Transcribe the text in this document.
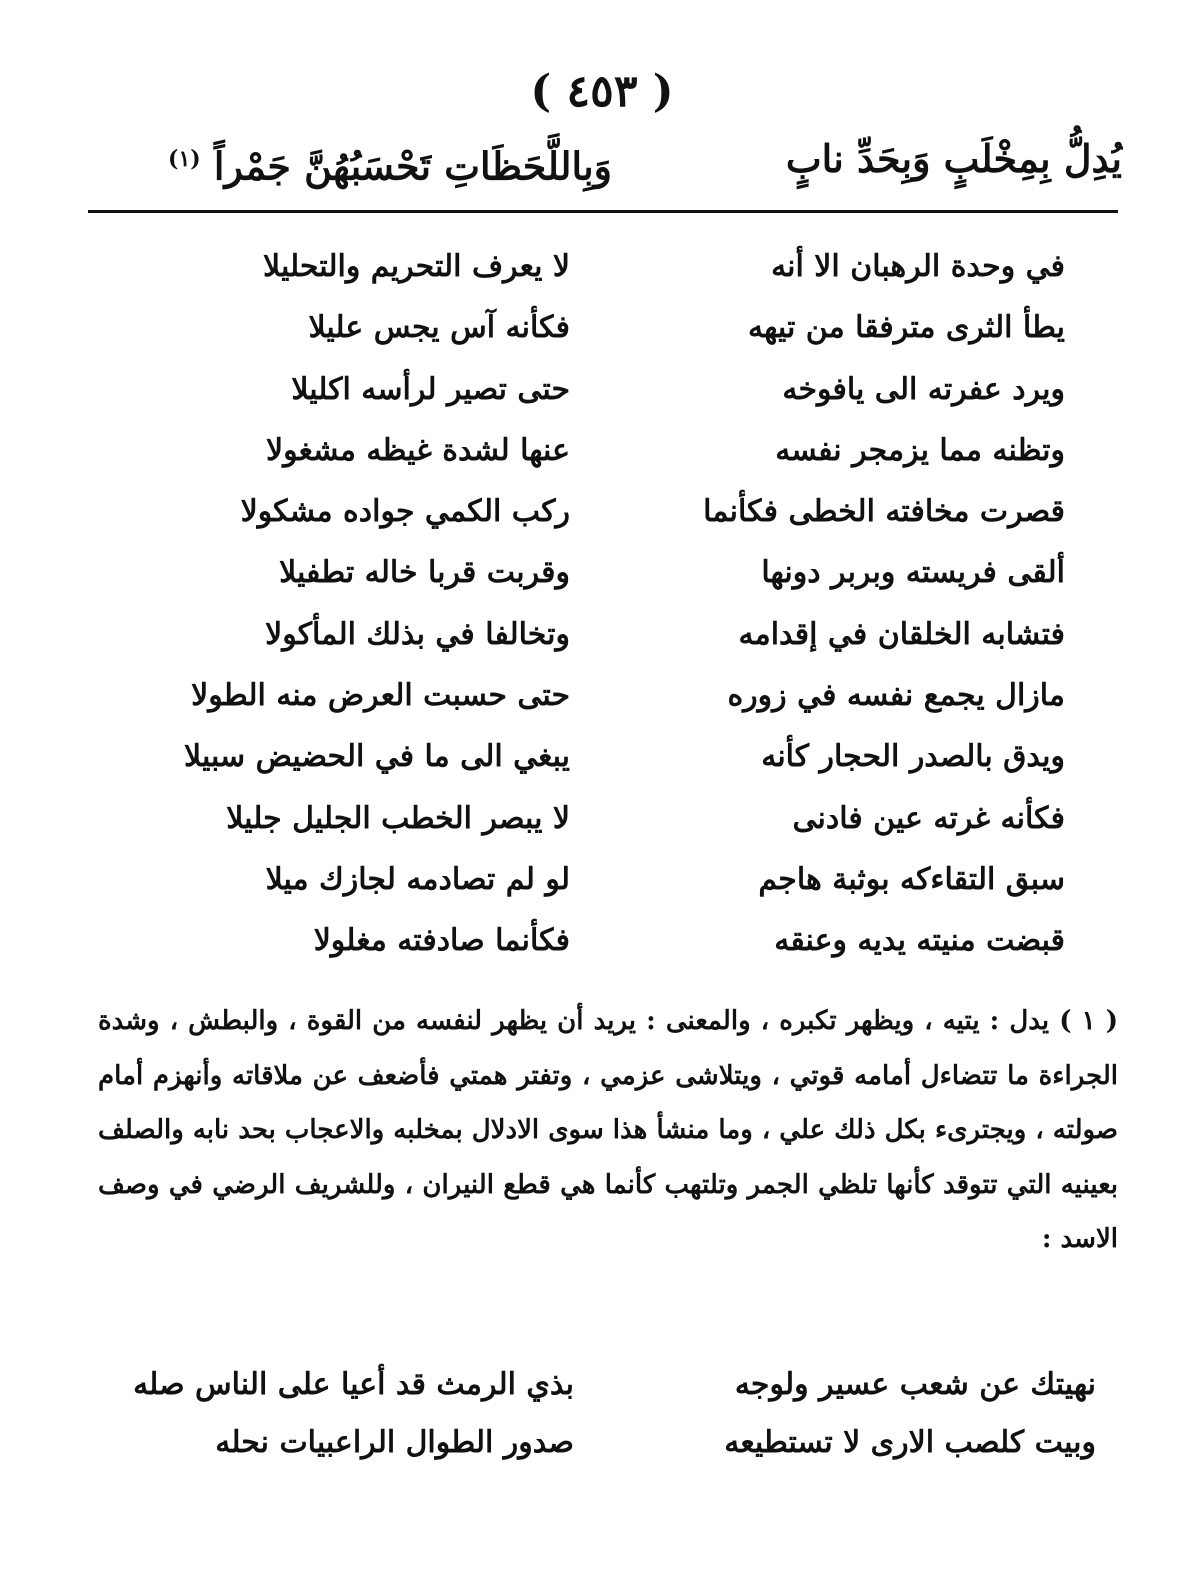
( ٤٥٣ )
يُدِلُّ بِمِخْلَبٍ وَبِحَدِّ نابٍ
وَبِاللَّحَظَاتِ تَحْسَبُهُنَّ جَمْراً $^{(١)}$
في وحدة الرهبان الا أنه
لا يعرف التحريم والتحليلا
يطأ الثرى مترفقا من تيهه
فكأنه آس يجس عليلا
ويرد عفرته الى يافوخه
حتى تصير لرأسه اكليلا
وتظنه مما يزمجر نفسه
عنها لشدة غيظه مشغولا
قصرت مخافته الخطى فكأنما
ركب الكمي جواده مشكولا
ألقى فريسته وبربر دونها
وقربت قربا خاله تطفيلا
فتشابه الخلقان في إقدامه
وتخالفا في بذلك المأكولا
مازال يجمع نفسه في زوره
حتى حسبت العرض منه الطولا
ويدق بالصدر الحجار كأنه
يبغي الى ما في الحضيض سبيلا
فكأنه غرته عين فادنى
لا يبصر الخطب الجليل جليلا
سبق التقاءكه بوثبة هاجم
لو لم تصادمه لجازك ميلا
قبضت منيته يديه وعنقه
فكأنما صادفته مغلولا
( ١ ) يدل : يتيه ، ويظهر تكبره ، والمعنى : يريد أن يظهر لنفسه من القوة ، والبطش ، وشدة الجراءة ما تتضاءل أمامه قوتي ، ويتلاشى عزمي ، وتفتر همتي فأضعف عن ملاقاته وأنهزم أمام صولته ، ويجترىء بكل ذلك علي ، وما منشأ هذا سوى الادلال بمخلبه والاعجاب بحد نابه والصلف بعينيه التي تتوقد كأنها تلظي الجمر وتلتهب كأنما هي قطع النيران ، وللشريف الرضي في وصف الاسد :
نهيتك عن شعب عسير ولوجه
بذي الرمث قد أعيا على الناس صله
وبيت كلصب الارى لا تستطيعه
صدور الطوال الراعبيات نحله
